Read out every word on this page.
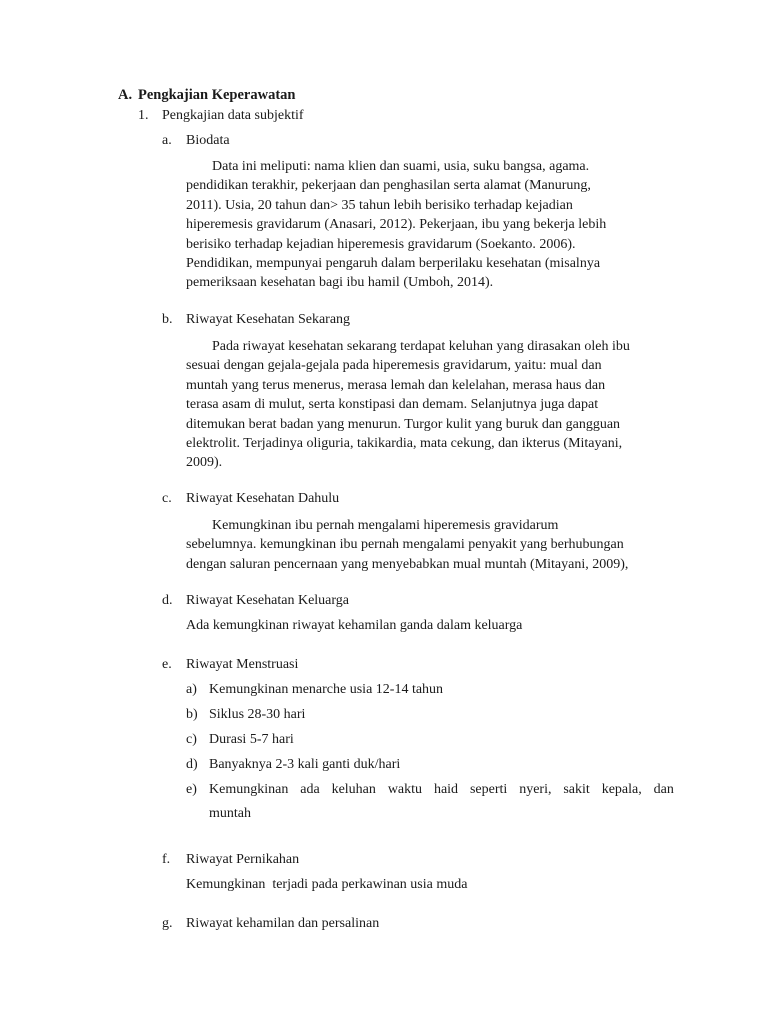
A. Pengkajian Keperawatan
1. Pengkajian data subjektif
a. Biodata
Data ini meliputi: nama klien dan suami, usia, suku bangsa, agama.
pendidikan terakhir, pekerjaan dan penghasilan serta alamat (Manurung,
2011). Usia, 20 tahun dan> 35 tahun lebih berisiko terhadap kejadian
hiperemesis gravidarum (Anasari, 2012). Pekerjaan, ibu yang bekerja lebih
berisiko terhadap kejadian hiperemesis gravidarum (Soekanto. 2006).
Pendidikan, mempunyai pengaruh dalam berperilaku kesehatan (misalnya
pemeriksaan kesehatan bagi ibu hamil (Umboh, 2014).
b. Riwayat Kesehatan Sekarang
Pada riwayat kesehatan sekarang terdapat keluhan yang dirasakan oleh ibu
sesuai dengan gejala-gejala pada hiperemesis gravidarum, yaitu: mual dan
muntah yang terus menerus, merasa lemah dan kelelahan, merasa haus dan
terasa asam di mulut, serta konstipasi dan demam. Selanjutnya juga dapat
ditemukan berat badan yang menurun. Turgor kulit yang buruk dan gangguan
elektrolit. Terjadinya oliguria, takikardia, mata cekung, dan ikterus (Mitayani,
2009).
c. Riwayat Kesehatan Dahulu
Kemungkinan ibu pernah mengalami hiperemesis gravidarum
sebelumnya. kemungkinan ibu pernah mengalami penyakit yang berhubungan
dengan saluran pencernaan yang menyebabkan mual muntah (Mitayani, 2009),
d. Riwayat Kesehatan Keluarga
Ada kemungkinan riwayat kehamilan ganda dalam keluarga
e. Riwayat Menstruasi
a) Kemungkinan menarche usia 12-14 tahun
b) Siklus 28-30 hari
c) Durasi 5-7 hari
d) Banyaknya 2-3 kali ganti duk/hari
e) Kemungkinan ada keluhan waktu haid seperti nyeri, sakit kepala, dan
muntah
f. Riwayat Pernikahan
Kemungkinan  terjadi pada perkawinan usia muda
g. Riwayat kehamilan dan persalinan
